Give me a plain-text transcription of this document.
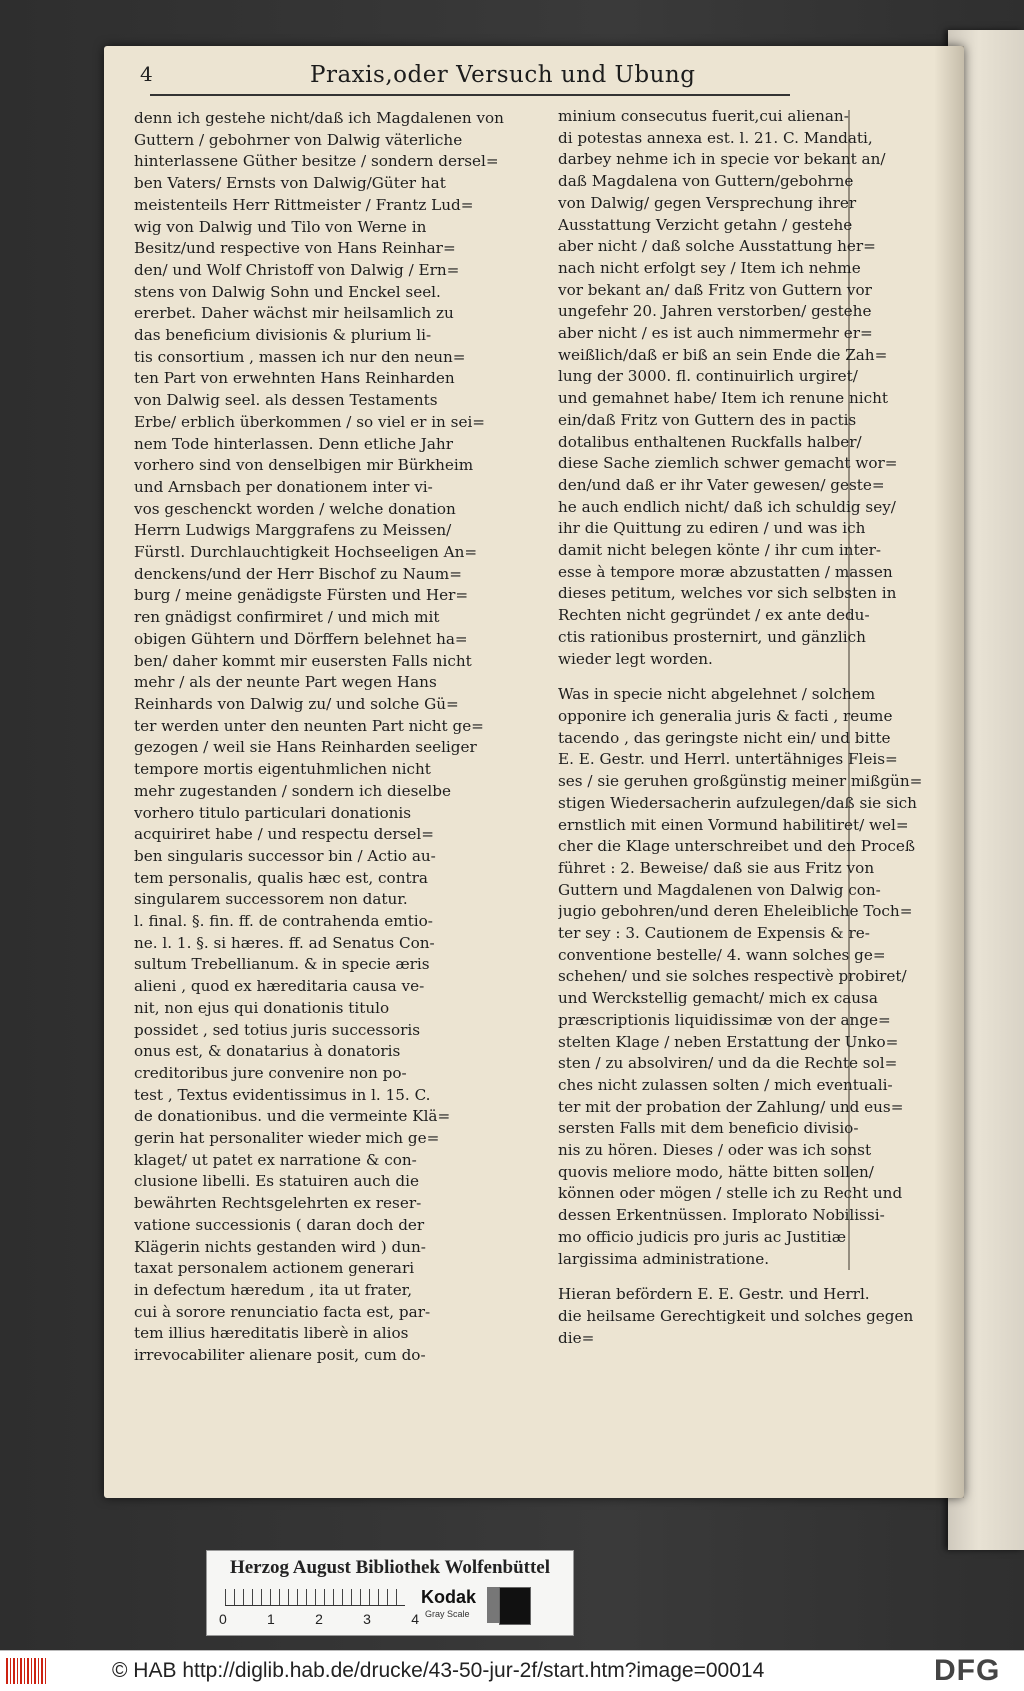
4	Praxis,oder Versuch und Ubung
denn ich gestehe nicht/daß ich Magdalenen von
Guttern / gebohrner von Dalwig väterliche
hinterlassene Güther besitze / sondern dersel=
ben Vaters/ Ernsts von Dalwig/Güter hat
meistenteils Herr Rittmeister / Frantz Lud=
wig von Dalwig und Tilo von Werne in
Besitz/und respective von Hans Reinhar=
den/ und Wolf Christoff von Dalwig / Ern=
stens von Dalwig Sohn und Enckel seel.
ererbet. Daher wächst mir heilsamlich zu
das beneficium divisionis & plurium li-
tis consortium , massen ich nur den neun=
ten Part von erwehnten Hans Reinharden
von Dalwig seel. als dessen Testaments
Erbe/ erblich überkommen / so viel er in sei=
nem Tode hinterlassen. Denn etliche Jahr
vorhero sind von denselbigen mir Bürkheim
und Arnsbach per donationem inter vi-
vos geschenckt worden / welche donation
Herrn Ludwigs Marggrafens zu Meissen/
Fürstl. Durchlauchtigkeit Hochseeligen An=
denckens/und der Herr Bischof zu Naum=
burg / meine genädigste Fürsten und Her=
ren gnädigst confirmiret / und mich mit
obigen Gühtern und Dörffern belehnet ha=
ben/ daher kommt mir eusersten Falls nicht
mehr / als der neunte Part wegen Hans
Reinhards von Dalwig zu/ und solche Gü=
ter werden unter den neunten Part nicht ge=
gezogen / weil sie Hans Reinharden seeliger
tempore mortis eigentuhmlichen nicht
mehr zugestanden / sondern ich dieselbe
vorhero titulo particulari donationis
acquiriret habe / und respectu dersel=
ben singularis successor bin / Actio au-
tem personalis, qualis hæc est, contra
singularem successorem non datur.
l. final. §. fin. ff. de contrahenda emtio-
ne. l. 1. §. si hæres. ff. ad Senatus Con-
sultum Trebellianum. & in specie æris
alieni , quod ex hæreditaria causa ve-
nit, non ejus qui donationis titulo
possidet , sed totius juris successoris
onus est, & donatarius à donatoris
creditoribus jure convenire non po-
test , Textus evidentissimus in l. 15. C.
de donationibus. und die vermeinte Klä=
gerin hat personaliter wieder mich ge=
klaget/ ut patet ex narratione & con-
clusione libelli. Es statuiren auch die
bewährten Rechtsgelehrten ex reser-
vatione successionis ( daran doch der
Klägerin nichts gestanden wird ) dun-
taxat personalem actionem generari
in defectum hæredum , ita ut frater,
cui à sorore renunciatio facta est, par-
tem illius hæreditatis liberè in alios
irrevocabiliter alienare posit, cum do-
minium consecutus fuerit,cui alienan-
di potestas annexa est. l. 21. C. Mandati,
darbey nehme ich in specie vor bekant an/
daß Magdalena von Guttern/gebohrne
von Dalwig/ gegen Versprechung ihrer
Ausstattung Verzicht getahn / gestehe
aber nicht / daß solche Ausstattung her=
nach nicht erfolgt sey / Item ich nehme
vor bekant an/ daß Fritz von Guttern vor
ungefehr 20. Jahren verstorben/ gestehe
aber nicht / es ist auch nimmermehr er=
weißlich/daß er biß an sein Ende die Zah=
lung der 3000. fl. continuirlich urgiret/
und gemahnet habe/ Item ich renune nicht
ein/daß Fritz von Guttern des in pactis
dotalibus enthaltenen Ruckfalls halber/
diese Sache ziemlich schwer gemacht wor=
den/und daß er ihr Vater gewesen/ geste=
he auch endlich nicht/ daß ich schuldig sey/
ihr die Quittung zu ediren / und was ich
damit nicht belegen könte / ihr cum inter-
esse à tempore moræ abzustatten / massen
dieses petitum, welches vor sich selbsten in
Rechten nicht gegründet / ex ante dedu-
ctis rationibus prosternirt, und gänzlich
wieder legt worden.
Was in specie nicht abgelehnet / solchem
opponire ich generalia juris & facti , reume
tacendo , das geringste nicht ein/ und bitte
E. E. Gestr. und Herrl. untertähniges Fleis=
ses / sie geruhen großgünstig meiner mißgün=
stigen Wiedersacherin aufzulegen/daß sie sich
ernstlich mit einen Vormund habilitiret/ wel=
cher die Klage unterschreibet und den Proceß
führet : 2. Beweise/ daß sie aus Fritz von
Guttern und Magdalenen von Dalwig con-
jugio gebohren/und deren Eheleibliche Toch=
ter sey : 3. Cautionem de Expensis & re-
conventione bestelle/ 4. wann solches ge=
schehen/ und sie solches respectivè probiret/
und Werckstellig gemacht/ mich ex causa
præscriptionis liquidissimæ von der ange=
stelten Klage / neben Erstattung der Unko=
sten / zu absolviren/ und da die Rechte sol=
ches nicht zulassen solten / mich eventuali-
ter mit der probation der Zahlung/ und eus=
sersten Falls mit dem beneficio divisio-
nis zu hören. Dieses / oder was ich sonst
quovis meliore modo, hätte bitten sollen/
können oder mögen / stelle ich zu Recht und
dessen Erkentnüssen. Implorato Nobilissi-
mo officio judicis pro juris ac Justitiæ
largissima administratione.
Hieran befördern E. E. Gestr. und Herrl.
die heilsame Gerechtigkeit und solches gegen
die=
Herzog August Bibliothek Wolfenbüttel
0	1	2	3	4
Kodak
Gray Scale
© HAB http://diglib.hab.de/drucke/43-50-jur-2f/start.htm?image=00014	DFG
